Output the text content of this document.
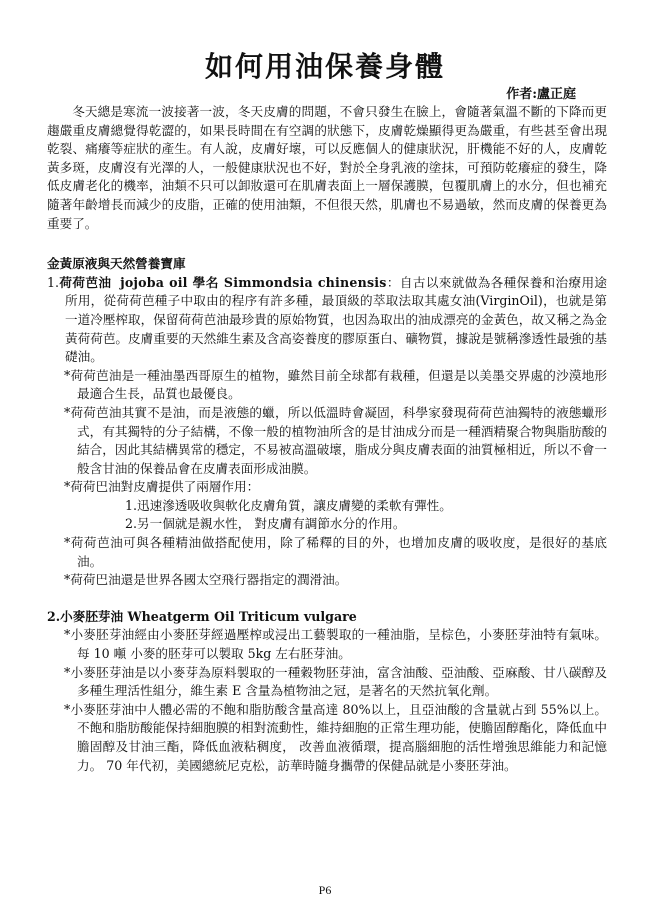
如何用油保養身體
作者:盧正庭

冬天總是寒流一波接著一波，冬天皮膚的問題，不會只發生在臉上，會隨著氣溫不斷的下降而更趨嚴重皮膚總覺得乾澀的，如果長時間在有空調的狀態下，皮膚乾燥顯得更為嚴重，有些甚至會出現乾裂、痛癢等症狀的產生。有人說，皮膚好壞，可以反應個人的健康狀況，肝機能不好的人，皮膚乾黃多斑，皮膚沒有光澤的人，一般健康狀況也不好，對於全身乳液的塗抹，可預防乾癢症的發生，降低皮膚老化的機率，油類不只可以卸妝還可在肌膚表面上一層保護膜，包覆肌膚上的水分，但也補充隨著年齡增長而減少的皮脂，正確的使用油類，不但很天然，肌膚也不易過敏，然而皮膚的保養更為重要了。

金黃原液與天然營養寶庫
1.荷荷芭油 jojoba oil 學名 Simmondsia chinensis：自古以來就做為各種保養和治療用途所用，從荷荷芭種子中取由的程序有許多種，最頂級的萃取法取其處女油(VirginOil)，也就是第一道冷壓榨取，保留荷荷芭油最珍貴的原始物質，也因為取出的油成漂亮的金黃色，故又稱之為金黃荷荷芭。皮膚重要的天然維生素及含高姿養度的膠原蛋白、礦物質，據說是號稱滲透性最強的基礎油。
*荷荷芭油是一種油墨西哥原生的植物，雖然目前全球都有栽種，但還是以美墨交界處的沙漠地形最適合生長，品質也最優良。
*荷荷芭油其實不是油，而是液態的蠟，所以低溫時會凝固，科學家發現荷荷芭油獨特的液態蠟形式，有其獨特的分子結構，不像一般的植物油所含的是甘油成分而是一種酒精聚合物與脂肪酸的結合，因此其結構異常的穩定，不易被高溫破壞，脂成分與皮膚表面的油質極相近，所以不會一般含甘油的保養品會在皮膚表面形成油膜。
*荷荷巴油對皮膚提供了兩層作用：
1.迅速滲透吸收與軟化皮膚角質，讓皮膚變的柔軟有彈性。
2.另一個就是親水性， 對皮膚有調節水分的作用。
*荷荷芭油可與各種精油做搭配使用，除了稀釋的目的外，也增加皮膚的吸收度，是很好的基底油。
*荷荷巴油還是世界各國太空飛行器指定的潤滑油。
2.小麥胚芽油 Wheatgerm Oil Triticum vulgare
*小麥胚芽油經由小麥胚芽經過壓榨或浸出工藝製取的一種油脂，呈棕色，小麥胚芽油特有氣味。每 10 噸 小麥的胚芽可以製取 5kg 左右胚芽油。
*小麥胚芽油是以小麥芽為原料製取的一種穀物胚芽油，富含油酸、亞油酸、亞麻酸、甘八碳醇及多種生理活性組分，維生素 E 含量為植物油之冠，是著名的天然抗氧化劑。
*小麥胚芽油中人體必需的不飽和脂肪酸含量高達 80%以上，且亞油酸的含量就占到 55%以上。不飽和脂肪酸能保持細胞膜的相對流動性，維持細胞的正常生理功能，使膽固醇酯化，降低血中膽固醇及甘油三酯，降低血液粘稠度， 改善血液循環，提高腦細胞的活性增強思維能力和記憶力。 70 年代初，美國總統尼克松，訪華時隨身攜帶的保健品就是小麥胚芽油。
P6
